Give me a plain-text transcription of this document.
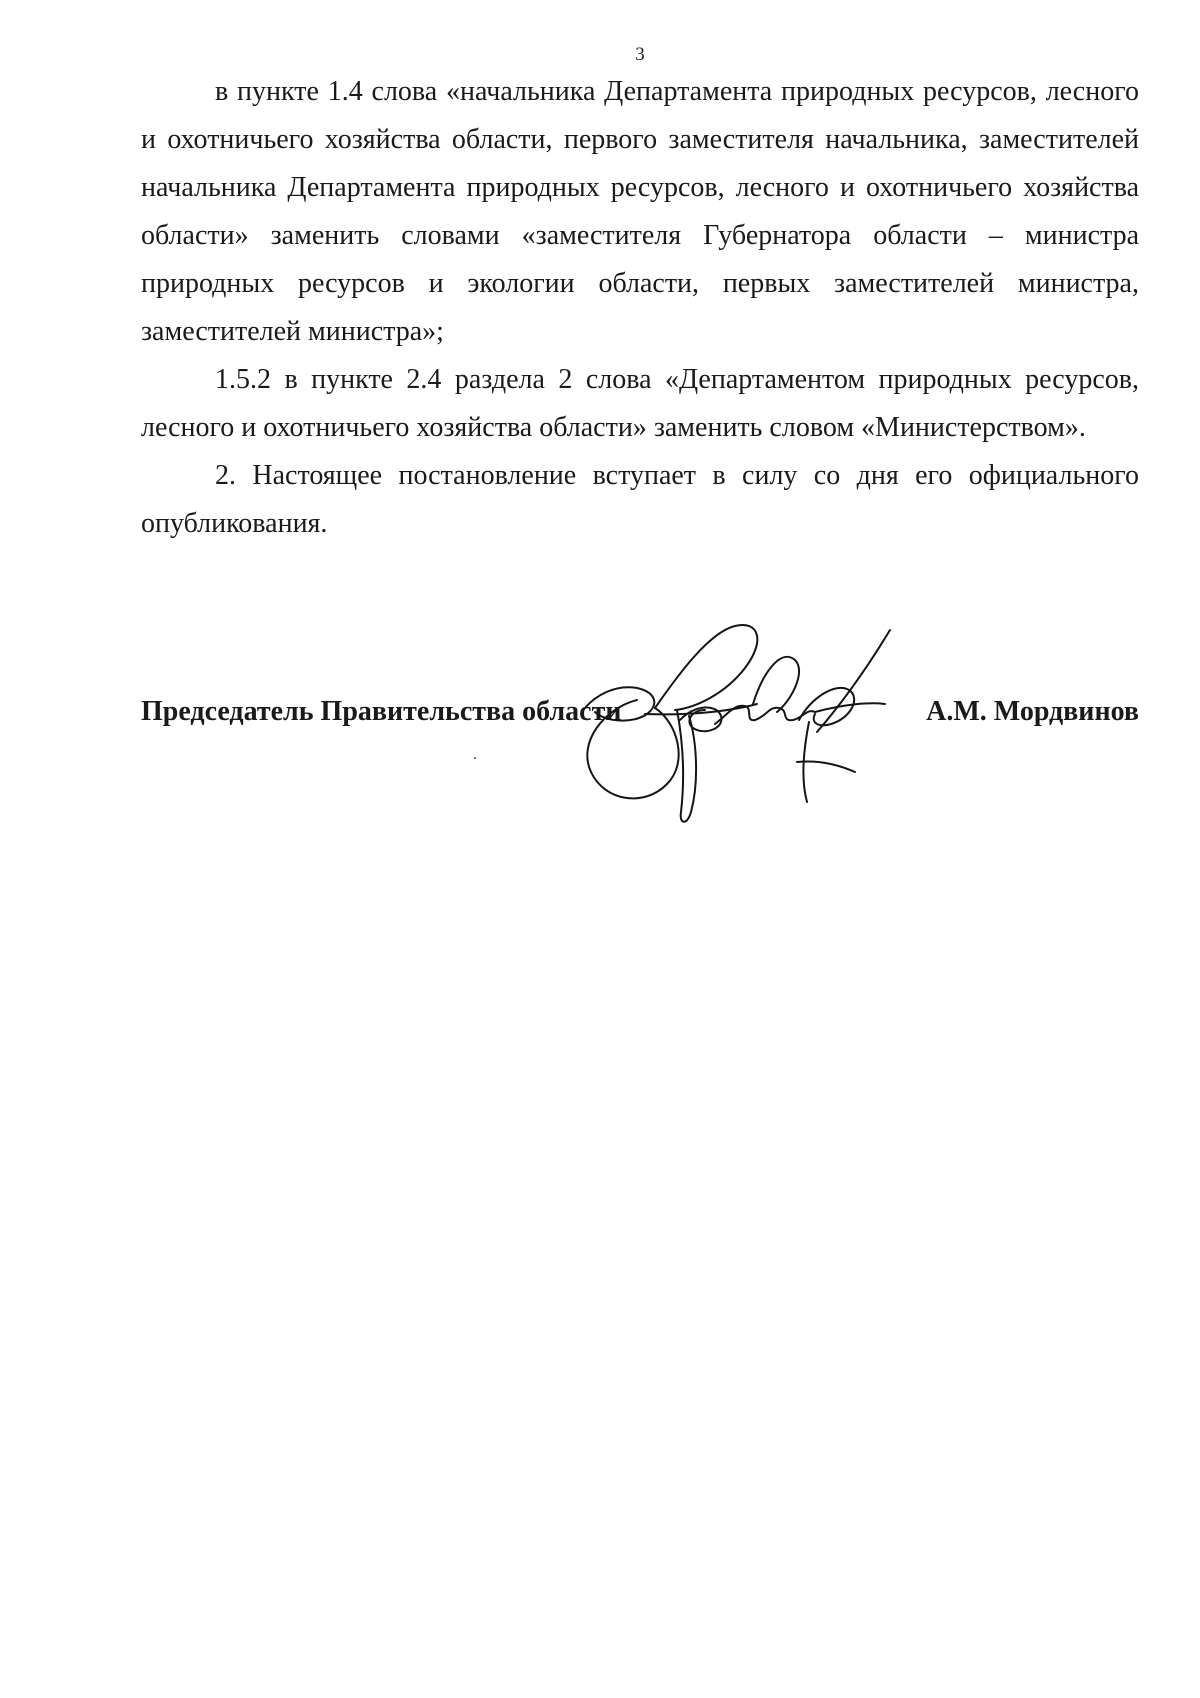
3

в пункте 1.4 слова «начальника Департамента природных ресурсов, лесного и охотничьего хозяйства области, первого заместителя начальника, заместителей начальника Департамента природных ресурсов, лесного и охотничьего хозяйства области» заменить словами «заместителя Губернатора области – министра природных ресурсов и экологии области, первых заместителей министра, заместителей министра»;

1.5.2 в пункте 2.4 раздела 2 слова «Департаментом природных ресурсов, лесного и охотничьего хозяйства области» заменить словом «Министерством».

2. Настоящее постановление вступает в силу со дня его официального опубликования.

Председатель Правительства области	А.М. Мордвинов
